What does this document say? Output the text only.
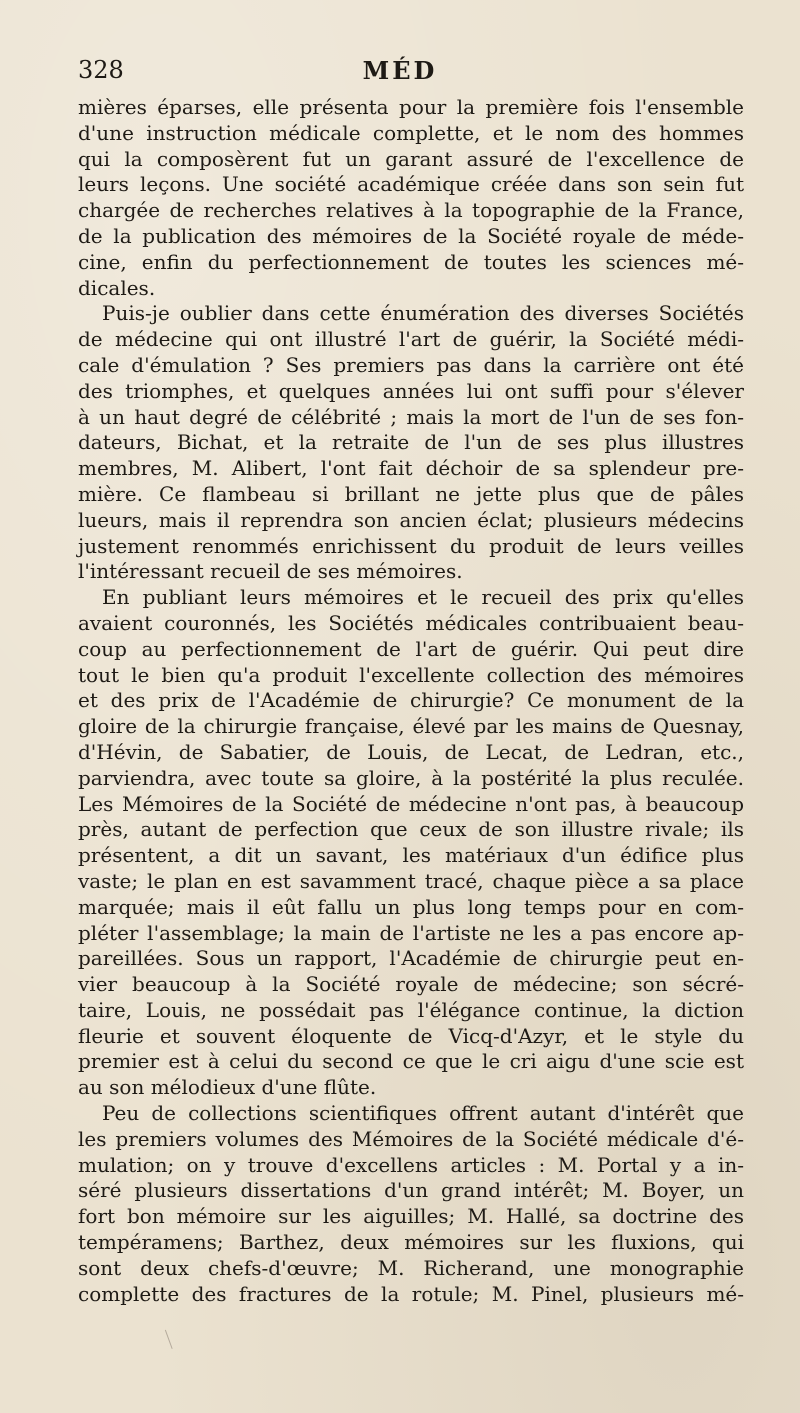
328	MÉD
mières éparses, elle présenta pour la première fois l'ensemble
d'une instruction médicale complette, et le nom des hommes
qui la composèrent fut un garant assuré de l'excellence de
leurs leçons. Une société académique créée dans son sein fut
chargée de recherches relatives à la topographie de la France,
de la publication des mémoires de la Société royale de méde-
cine, enfin du perfectionnement de toutes les sciences mé-
dicales.
Puis-je oublier dans cette énumération des diverses Sociétés
de médecine qui ont illustré l'art de guérir, la Société médi-
cale d'émulation ? Ses premiers pas dans la carrière ont été
des triomphes, et quelques années lui ont suffi pour s'élever
à un haut degré de célébrité ; mais la mort de l'un de ses fon-
dateurs, Bichat, et la retraite de l'un de ses plus illustres
membres, M. Alibert, l'ont fait déchoir de sa splendeur pre-
mière. Ce flambeau si brillant ne jette plus que de pâles
lueurs, mais il reprendra son ancien éclat; plusieurs médecins
justement renommés enrichissent du produit de leurs veilles
l'intéressant recueil de ses mémoires.
En publiant leurs mémoires et le recueil des prix qu'elles
avaient couronnés, les Sociétés médicales contribuaient beau-
coup au perfectionnement de l'art de guérir. Qui peut dire
tout le bien qu'a produit l'excellente collection des mémoires
et des prix de l'Académie de chirurgie? Ce monument de la
gloire de la chirurgie française, élevé par les mains de Quesnay,
d'Hévin, de Sabatier, de Louis, de Lecat, de Ledran, etc.,
parviendra, avec toute sa gloire, à la postérité la plus reculée.
Les Mémoires de la Société de médecine n'ont pas, à beaucoup
près, autant de perfection que ceux de son illustre rivale; ils
présentent, a dit un savant, les matériaux d'un édifice plus
vaste; le plan en est savamment tracé, chaque pièce a sa place
marquée; mais il eût fallu un plus long temps pour en com-
pléter l'assemblage; la main de l'artiste ne les a pas encore ap-
pareillées. Sous un rapport, l'Académie de chirurgie peut en-
vier beaucoup à la Société royale de médecine; son sécré-
taire, Louis, ne possédait pas l'élégance continue, la diction
fleurie et souvent éloquente de Vicq-d'Azyr, et le style du
premier est à celui du second ce que le cri aigu d'une scie est
au son mélodieux d'une flûte.
Peu de collections scientifiques offrent autant d'intérêt que
les premiers volumes des Mémoires de la Société médicale d'é-
mulation; on y trouve d'excellens articles : M. Portal y a in-
séré plusieurs dissertations d'un grand intérêt; M. Boyer, un
fort bon mémoire sur les aiguilles; M. Hallé, sa doctrine des
tempéramens; Barthez, deux mémoires sur les fluxions, qui
sont deux chefs-d'œuvre; M. Richerand, une monographie
complette des fractures de la rotule; M. Pinel, plusieurs mé-
